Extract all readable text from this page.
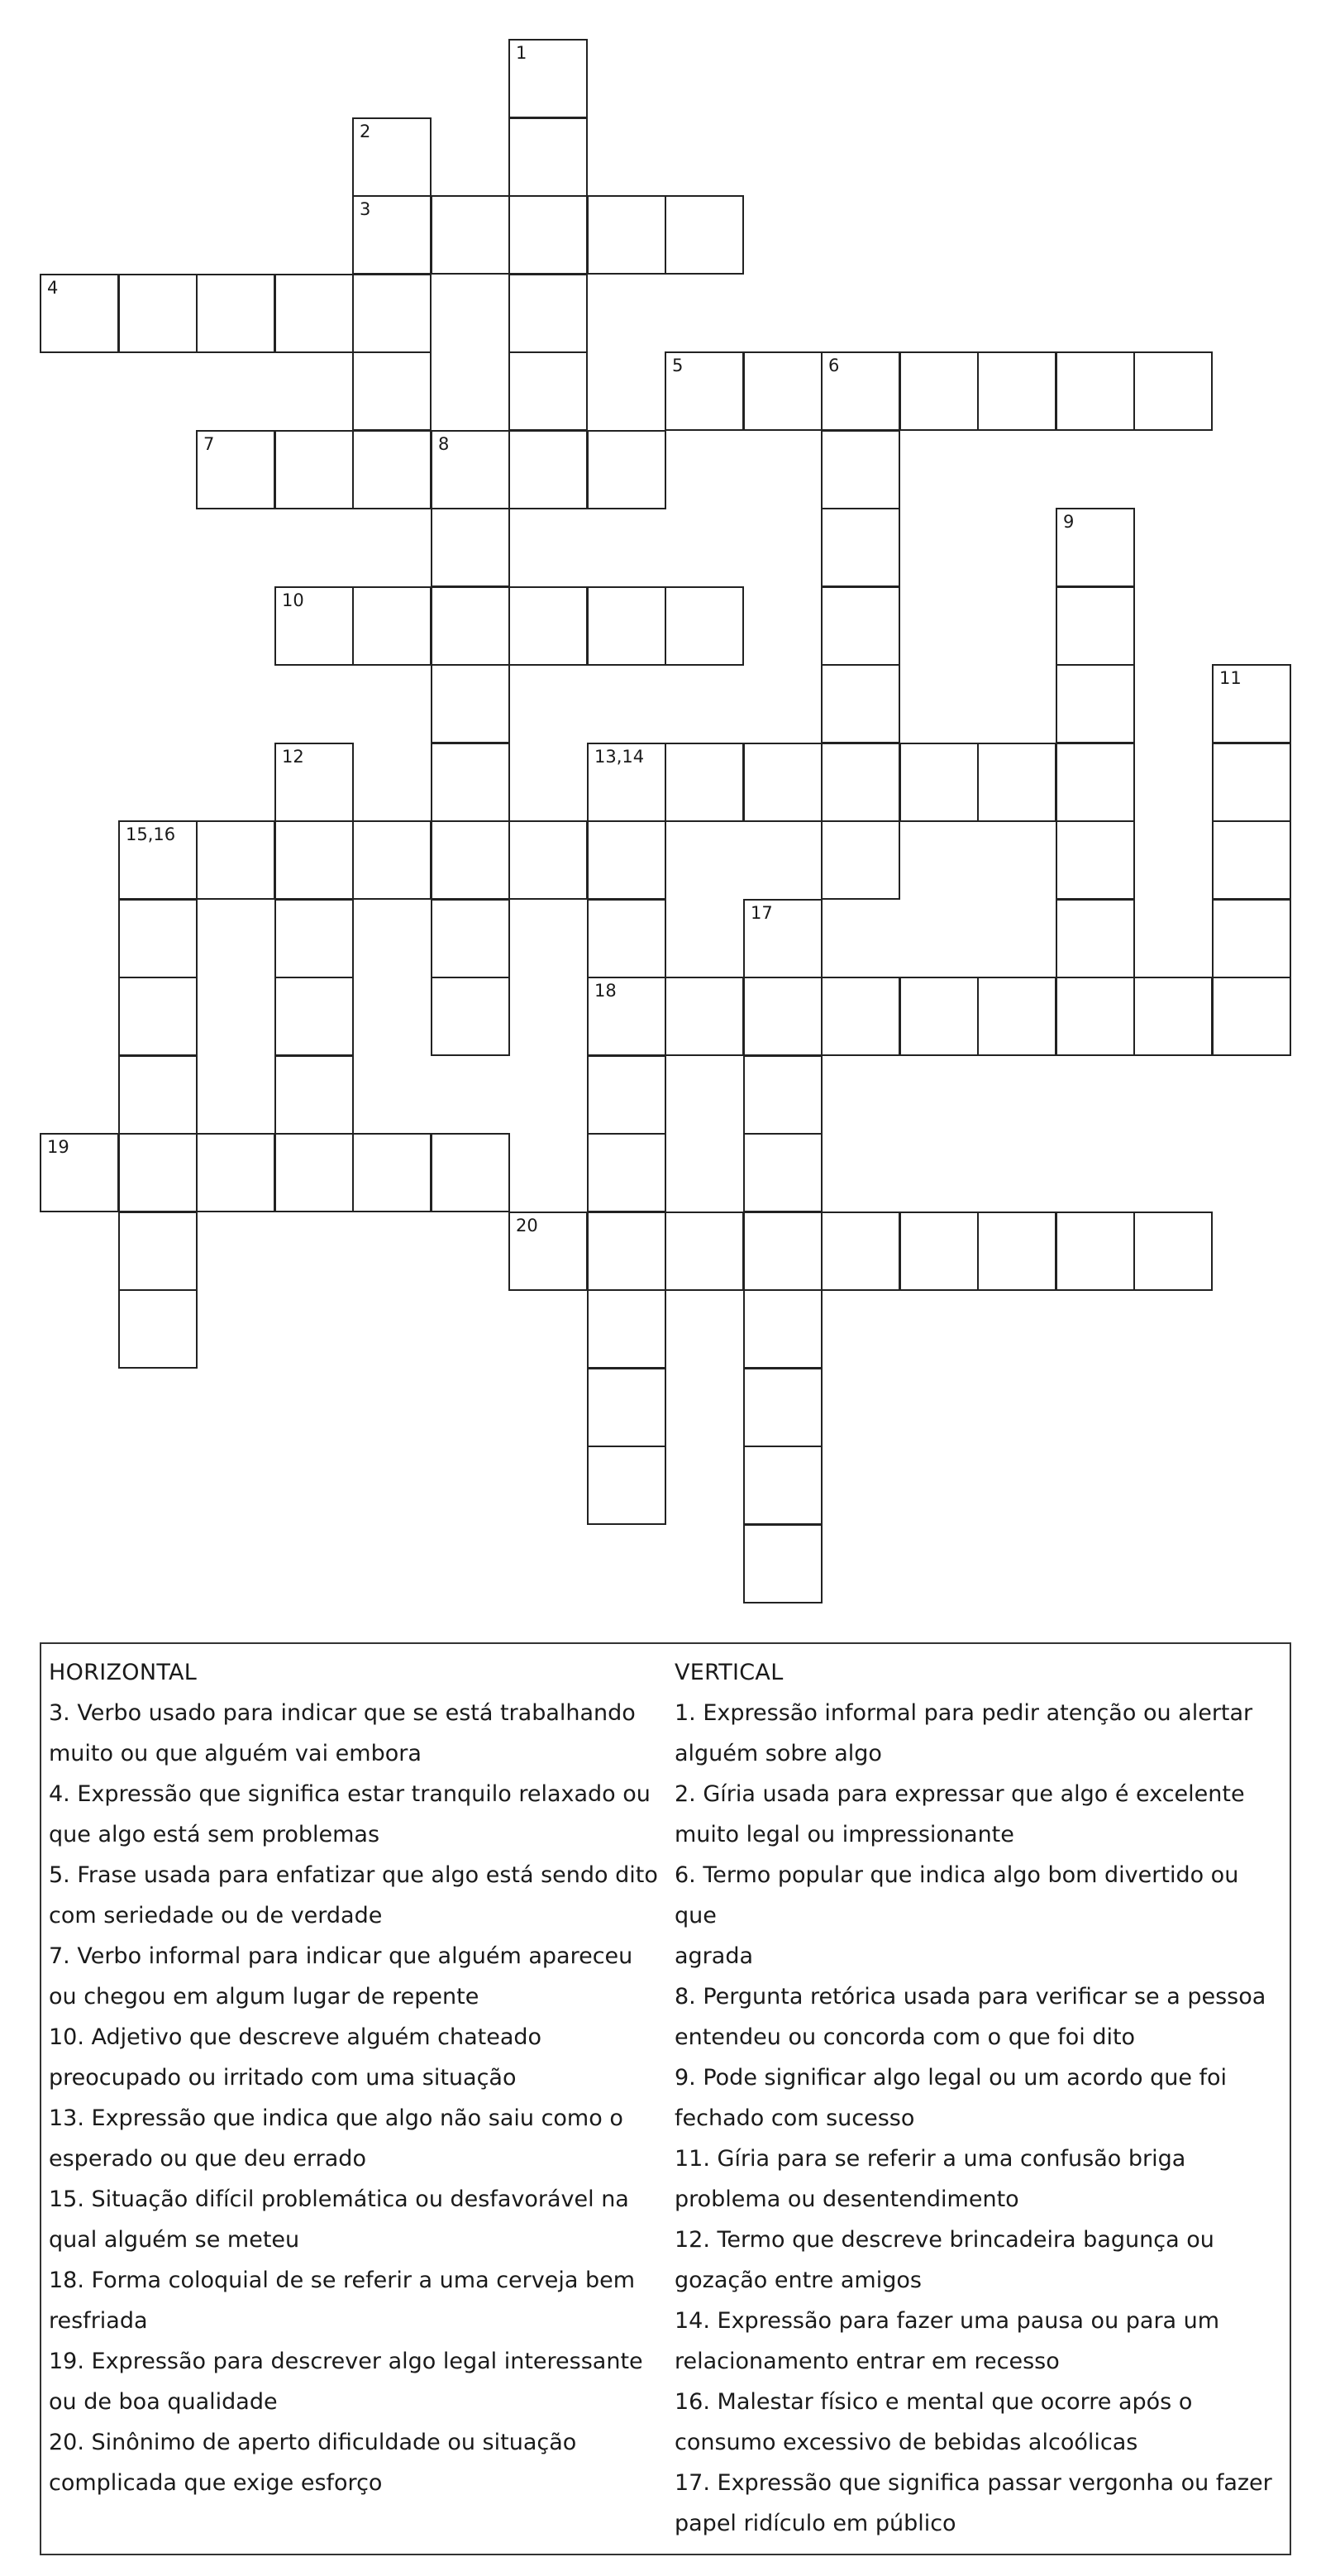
1
2
3
4
5	6
7	8
9
10
11
12	13,14
15,16
17
18
19
20
HORIZONTAL
3. Verbo usado para indicar que se está trabalhando
muito ou que alguém vai embora
4. Expressão que significa estar tranquilo relaxado ou
que algo está sem problemas
5. Frase usada para enfatizar que algo está sendo dito
com seriedade ou de verdade
7. Verbo informal para indicar que alguém apareceu
ou chegou em algum lugar de repente
10. Adjetivo que descreve alguém chateado
preocupado ou irritado com uma situação
13. Expressão que indica que algo não saiu como o
esperado ou que deu errado
15. Situação difícil problemática ou desfavorável na
qual alguém se meteu
18. Forma coloquial de se referir a uma cerveja bem
resfriada
19. Expressão para descrever algo legal interessante
ou de boa qualidade
20. Sinônimo de aperto dificuldade ou situação
complicada que exige esforço
VERTICAL
1. Expressão informal para pedir atenção ou alertar
alguém sobre algo
2. Gíria usada para expressar que algo é excelente
muito legal ou impressionante
6. Termo popular que indica algo bom divertido ou que
agrada
8. Pergunta retórica usada para verificar se a pessoa
entendeu ou concorda com o que foi dito
9. Pode significar algo legal ou um acordo que foi
fechado com sucesso
11. Gíria para se referir a uma confusão briga
problema ou desentendimento
12. Termo que descreve brincadeira bagunça ou
gozação entre amigos
14. Expressão para fazer uma pausa ou para um
relacionamento entrar em recesso
16. Malestar físico e mental que ocorre após o
consumo excessivo de bebidas alcoólicas
17. Expressão que significa passar vergonha ou fazer
papel ridículo em público
